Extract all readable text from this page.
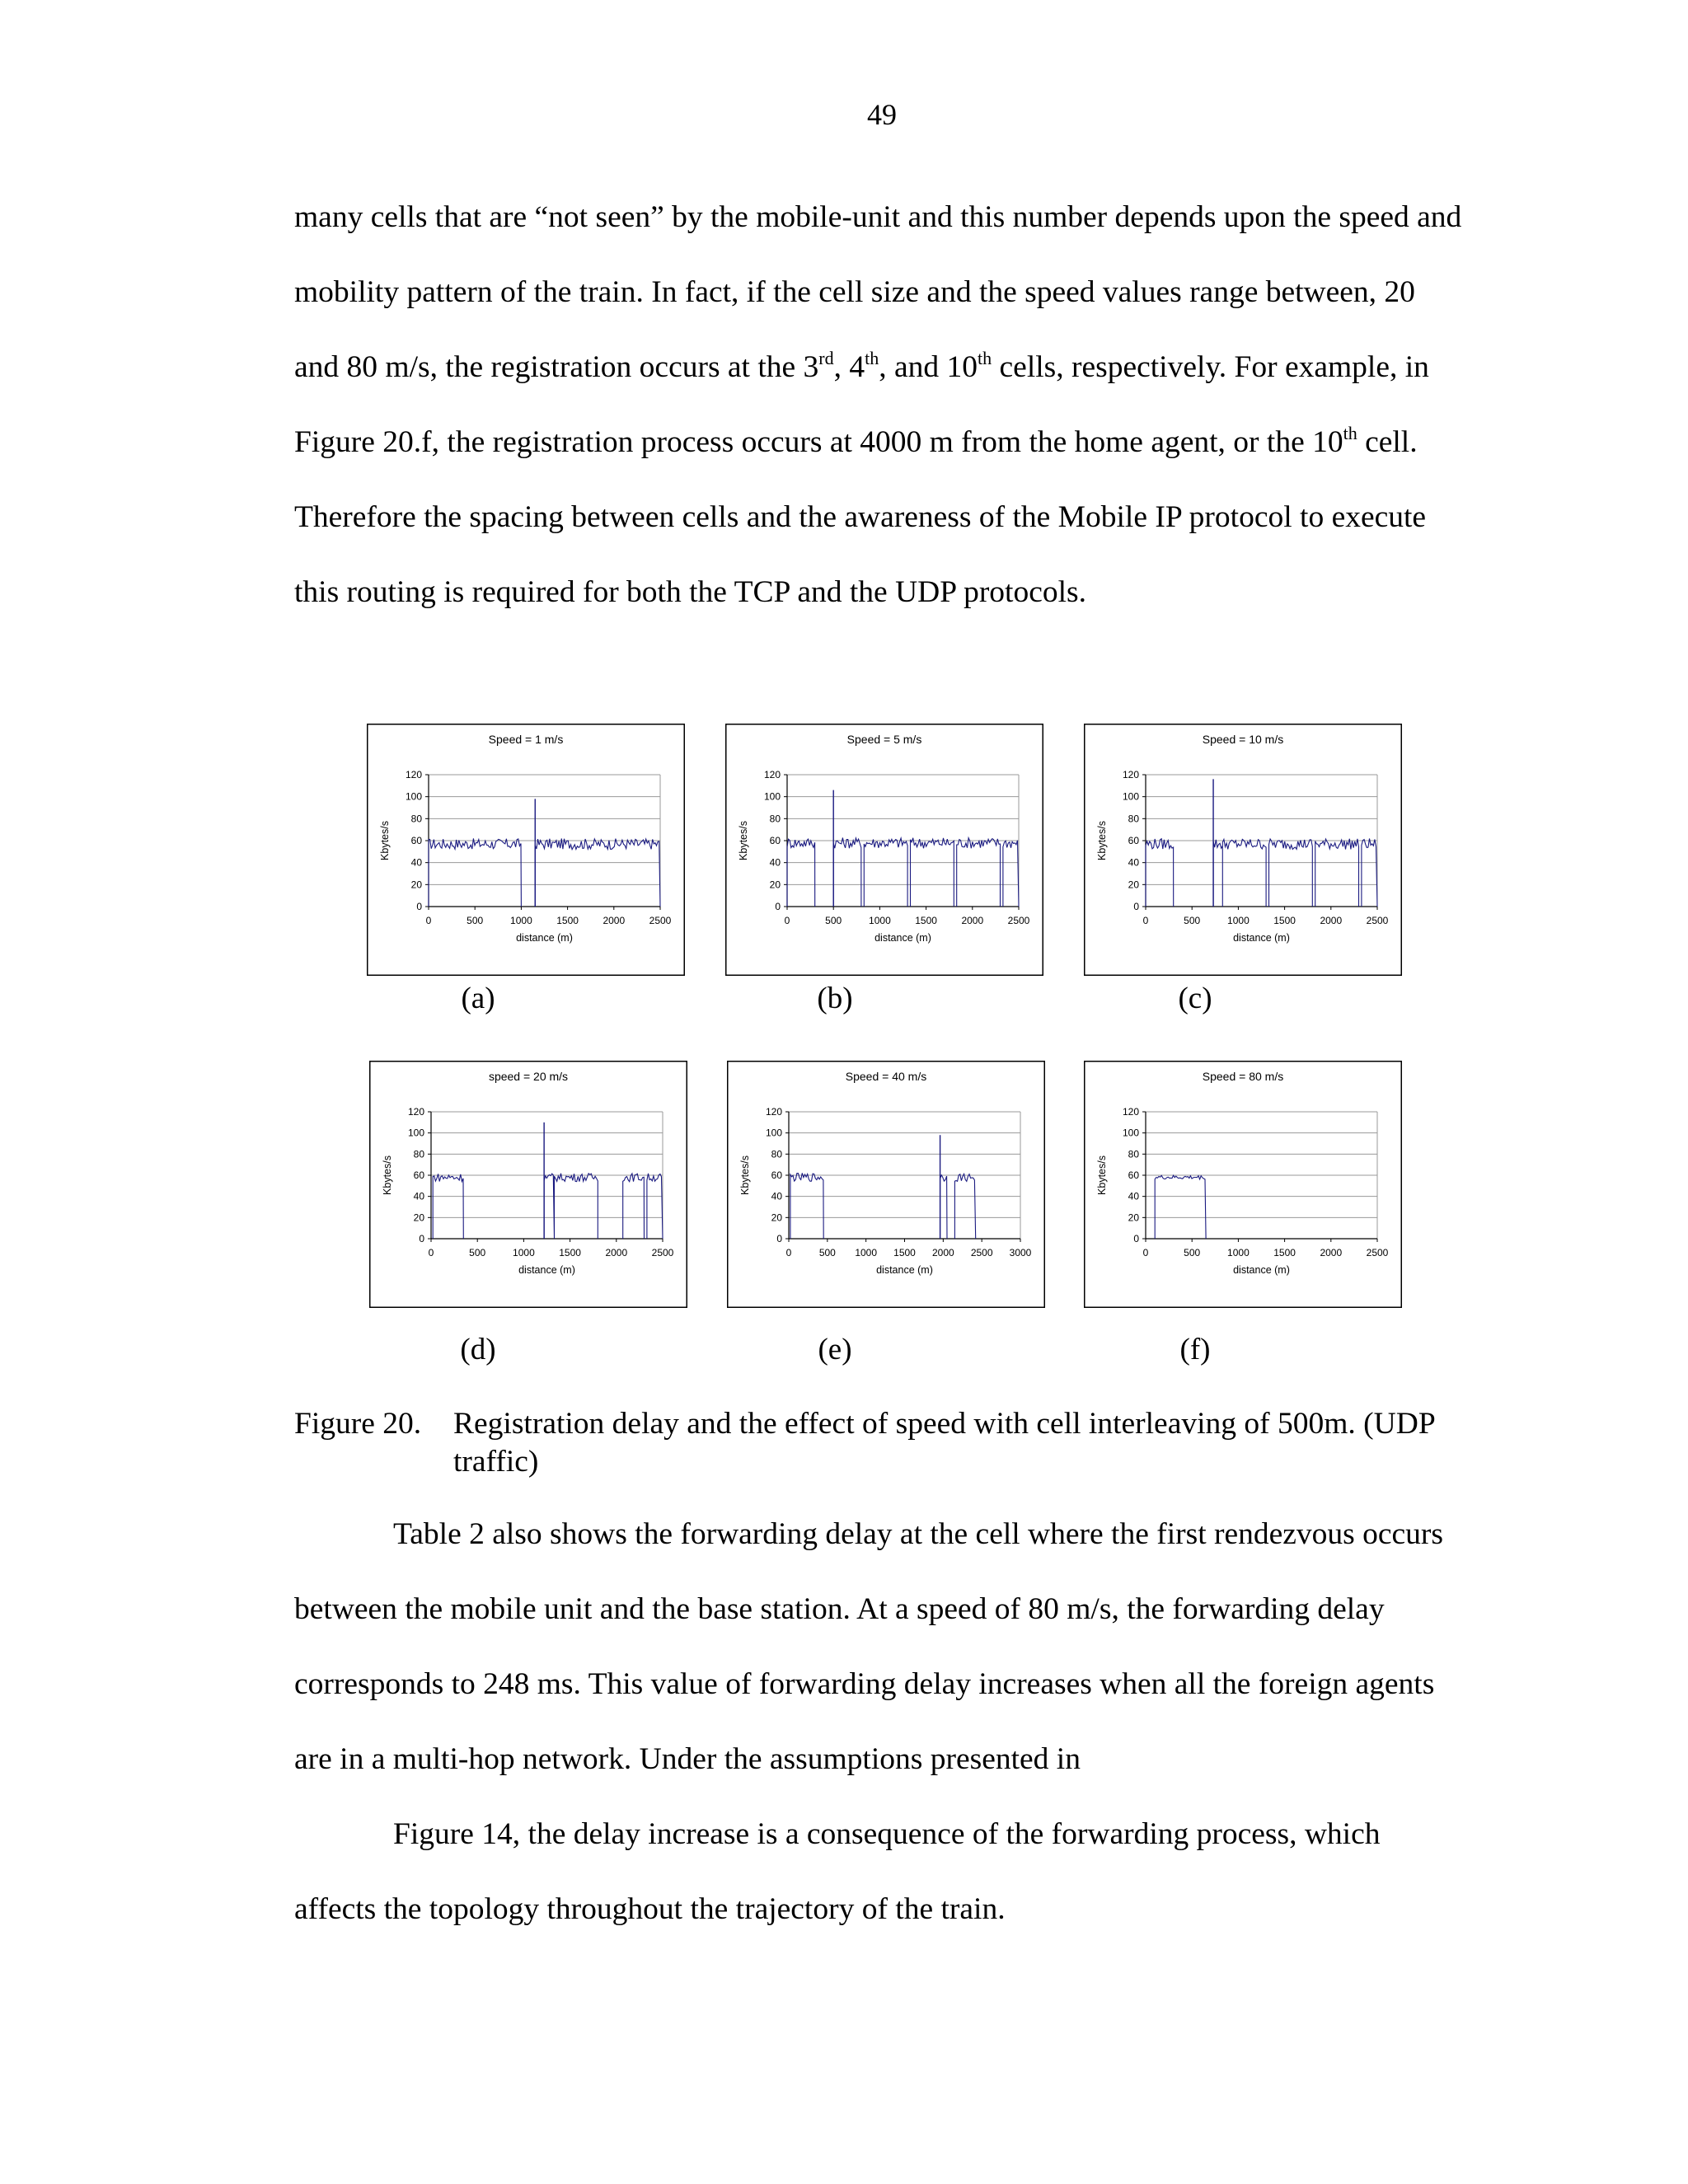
49

many cells that are “not seen” by the mobile-unit and this number depends upon the speed and mobility pattern of the train. In fact, if the cell size and the speed values range between, 20 and 80 m/s, the registration occurs at the 3rd, 4th, and 10th cells, respectively. For example, in Figure 20.f, the registration process occurs at 4000 m from the home agent, or the 10th cell.  Therefore the spacing between cells and the awareness of the Mobile IP protocol to execute this routing is required for both the TCP and the UDP protocols.

Speed = 1 m/s
0
20
40
60
80
100
120
0	500	1000 1500 2000 2500
distance (m)
Kbytes/s
Speed = 5 m/s
0
20
40
60
80
100
120
0	500	1000 1500 2000 2500
distance (m)
Kbytes/s
Speed = 10 m/s
0
20
40
60
80
100
120
0	500	1000 1500 2000 2500
distance (m)
Kbytes/s
speed = 20 m/s
0
20
40
60
80
100
120
0	500	1000 1500 2000 2500
distance (m)
Kbytes/s
Speed = 40 m/s
0
20
40
60
80
100
120
0	500 1000 1500 2000 2500 3000
distance (m)
Kbytes/s
Speed = 80 m/s
0
20
40
60
80
100
120
0	500	1000 1500 2000 2500
distance (m)
Kbytes/s
(a)	(b)	(c)
(d)	(e)	(f)
Figure 20. Registration delay and the effect of speed with cell interleaving of 500m. (UDP traffic)

Table 2 also shows the forwarding delay at the cell where the first rendezvous occurs between the mobile unit and the base station. At a speed of 80 m/s, the forwarding delay corresponds to 248 ms. This value of forwarding delay increases when all the foreign agents are in a multi-hop network. Under the assumptions presented in

Figure 14, the delay increase is a consequence of the forwarding process, which affects the topology throughout the trajectory of the train.
